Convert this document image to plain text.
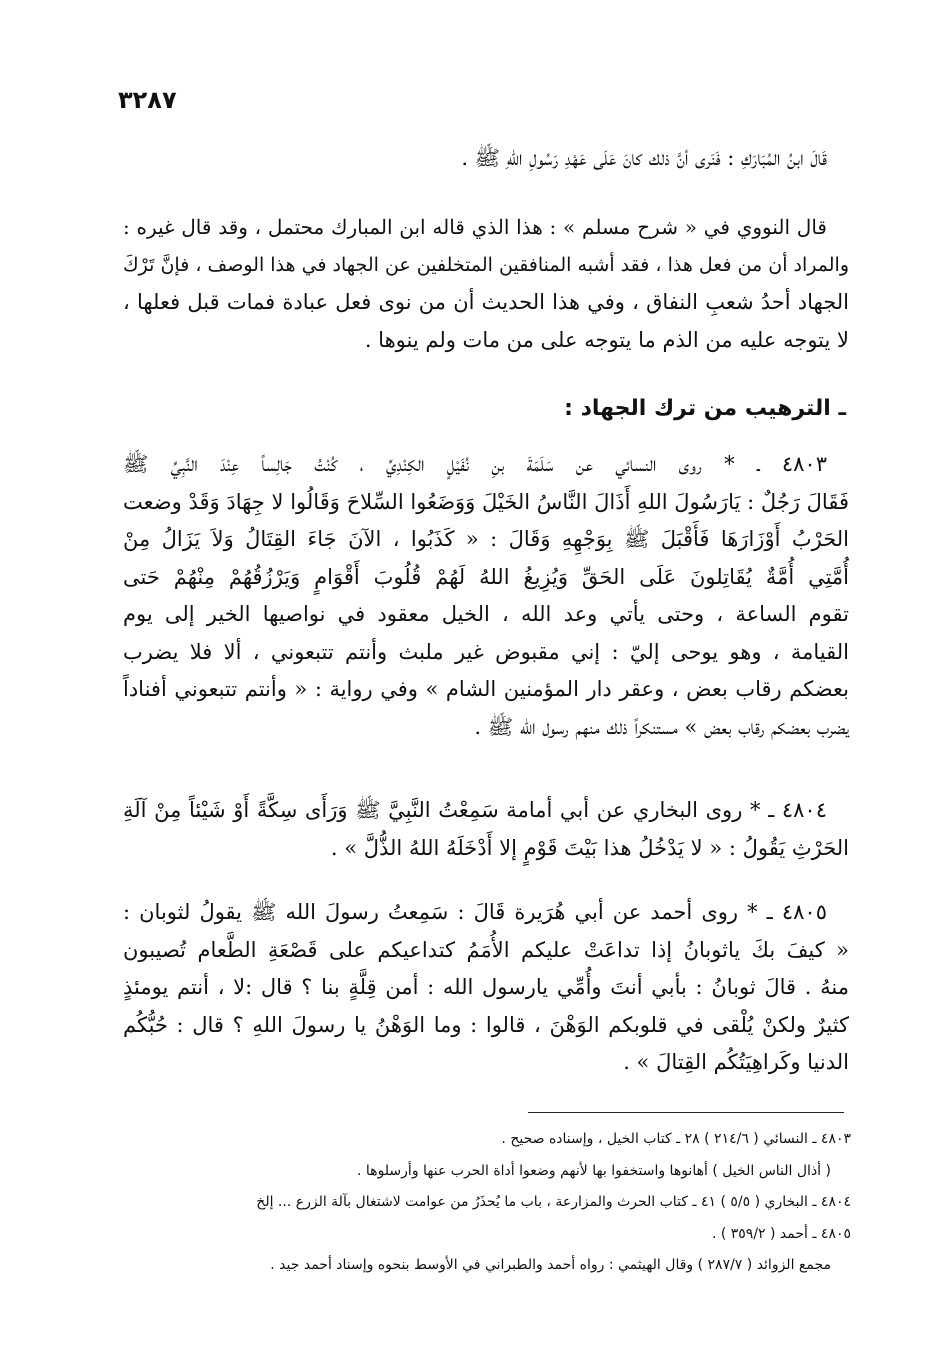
٣٢٨٧
قَالَ ابنُ المُبَارَكِ : فَنَرى أنَّ ذلك كانَ عَلَى عَهْدِ رَسُولِ اللهِ ﷺ .
قال النووي في « شرح مسلم » : هذا الذي قاله ابن المبارك محتمل ، وقد قال غيره :
والمراد أن من فعل هذا ، فقد أشبه المنافقين المتخلفين عن الجهاد في هذا الوصف ، فإنَّ تَرْكَ
الجهاد أحدُ شعبِ النفاق ، وفي هذا الحديث أن من نوى فعل عبادة فمات قبل فعلها ،
لا يتوجه عليه من الذم ما يتوجه على من مات ولم ينوها .
ـ الترهيب من ترك الجهاد :
٤٨٠٣ ـ * روى النسائي عن سَلَمَةَ بنِ نُفَيْلٍ الكِنْدِيِّ ، كُنْتُ جَالِساً عِنْدَ النَّبِيِّ ﷺ
فَقَالَ رَجُلٌ : يَارَسُولَ اللهِ أَذَالَ النَّاسُ الخَيْلَ وَوَضَعُوا السِّلاحَ وَقَالُوا لا جِهَادَ وَقَدْ وضعت
الحَرْبُ أَوْزَارَهَا فَأَقْبَلَ ﷺ بِوَجْهِهِ وَقَالَ : « كَذَبُوا ، الآنَ جَاءَ القِتَالُ وَلاَ يَزَالُ مِنْ
أُمَّتِي أُمَّةٌ يُقَاتِلونَ عَلَى الحَقِّ وَيُزِيغُ اللهُ لَهُمْ قُلُوبَ أَقْوَامٍ وَيَرْزُقُهُمْ مِنْهُمْ حَتى
تقوم الساعة ، وحتى يأتي وعد الله ، الخيل معقود في نواصيها الخير إلى يوم
القيامة ، وهو يوحى إليّ : إني مقبوض غير ملبث وأنتم تتبعوني ، ألا فلا يضرب
بعضكم رقاب بعض ، وعقر دار المؤمنين الشام » وفي رواية : « وأنتم تتبعوني أفناداً
يضرب بعضكم رقاب بعض » مستنكراً ذلك منهم رسول الله ﷺ .
٤٨٠٤ ـ * روى البخاري عن أبي أمامة سَمِعْتُ النَّبِيَّ ﷺ وَرَأَى سِكَّةً أَوْ شَيْئاً مِنْ آلَةِ
الحَرْثِ يَقُولُ : « لا يَدْخُلُ هذا بَيْتَ قَوْمٍ إلا أَدْخَلَهُ اللهُ الذُّلَّ » .
٤٨٠٥ ـ * روى أحمد عن أبي هُرَيرة قَالَ : سَمِعتُ رسولَ الله ﷺ يقولُ لثوبان :
« كيفَ بكَ ياثوبانُ إذا تداعَتْ عليكم الأُمَمُ كتداعيكم على قَصْعَةِ الطَّعام تُصيبون
منهُ . قالَ ثوبانُ : بأبي أنتَ وأُمِّي يارسول الله : أمن قِلَّةٍ بنا ؟ قال :لا ، أنتم يومئذٍ
كثيرٌ ولكنْ يُلْقى في قلوبكم الوَهْنَ ، قالوا : وما الوَهْنُ يا رسولَ اللهِ ؟ قال : حُبُّكُم
الدنيا وكَراهِيَتُكُم القِتالَ » .
٤٨٠٣ ـ النسائي ( ٢١٤/٦ ) ٢٨ ـ كتاب الخيل ، وإسناده صحيح .
( أذال الناس الخيل ) أهانوها واستخفوا بها لأنهم وضعوا أداة الحرب عنها وأرسلوها .
٤٨٠٤ ـ البخاري ( ٥/٥ ) ٤١ ـ كتاب الحرث والمزارعة ، باب ما يُحذَرُ من عوامت لاشتغال بآلة الزرع ... إلخ
٤٨٠٥ ـ أحمد ( ٣٥٩/٢ ) .
مجمع الزوائد ( ٢٨٧/٧ ) وقال الهيثمي : رواه أحمد والطبراني في الأوسط بنحوه وإسناد أحمد جيد .
